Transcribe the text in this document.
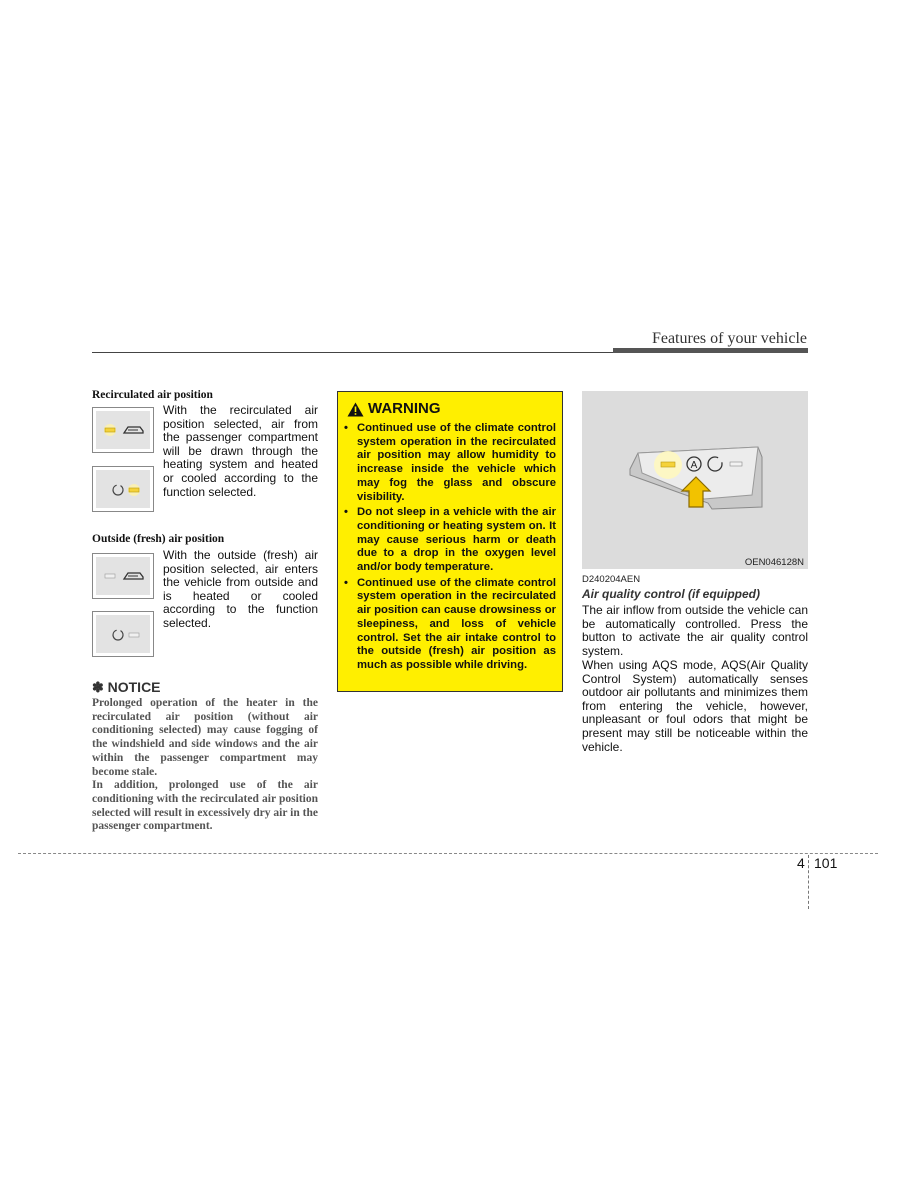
Features of your vehicle
Recirculated air position
With the recirculated air position selected, air from the passenger compartment will be drawn through the heating system and heated or cooled according to the function selected.
Outside (fresh) air position
With the outside (fresh) air position selected, air enters the vehicle from outside and is heated or cooled according to the function selected.
✽ NOTICE
Prolonged operation of the heater in the recirculated air position (without air conditioning selected) may cause fogging of the windshield and side windows and the air within the passenger compartment may become stale.
In addition, prolonged use of the air conditioning with the recirculated air position selected will result in excessively dry air in the passenger compartment.
WARNING
• Continued use of the climate control system operation in the recirculated air position may allow humidity to increase inside the vehicle which may fog the glass and obscure visibility.
• Do not sleep in a vehicle with the air conditioning or heating system on. It may cause serious harm or death due to a drop in the oxygen level and/or body temperature.
• Continued use of the climate control system operation in the recirculated air position can cause drowsiness or sleepiness, and loss of vehicle control. Set the air intake control to the outside (fresh) air position as much as possible while driving.
A
OEN046128N
D240204AEN
Air quality control (if equipped)
The air inflow from outside the vehicle can be automatically controlled. Press the button to activate the air quality control system.
When using AQS mode, AQS(Air Quality Control System) automatically senses outdoor air pollutants and minimizes them from entering the vehicle, however, unpleasant or foul odors that might be present may still be noticeable within the vehicle.
4 101
